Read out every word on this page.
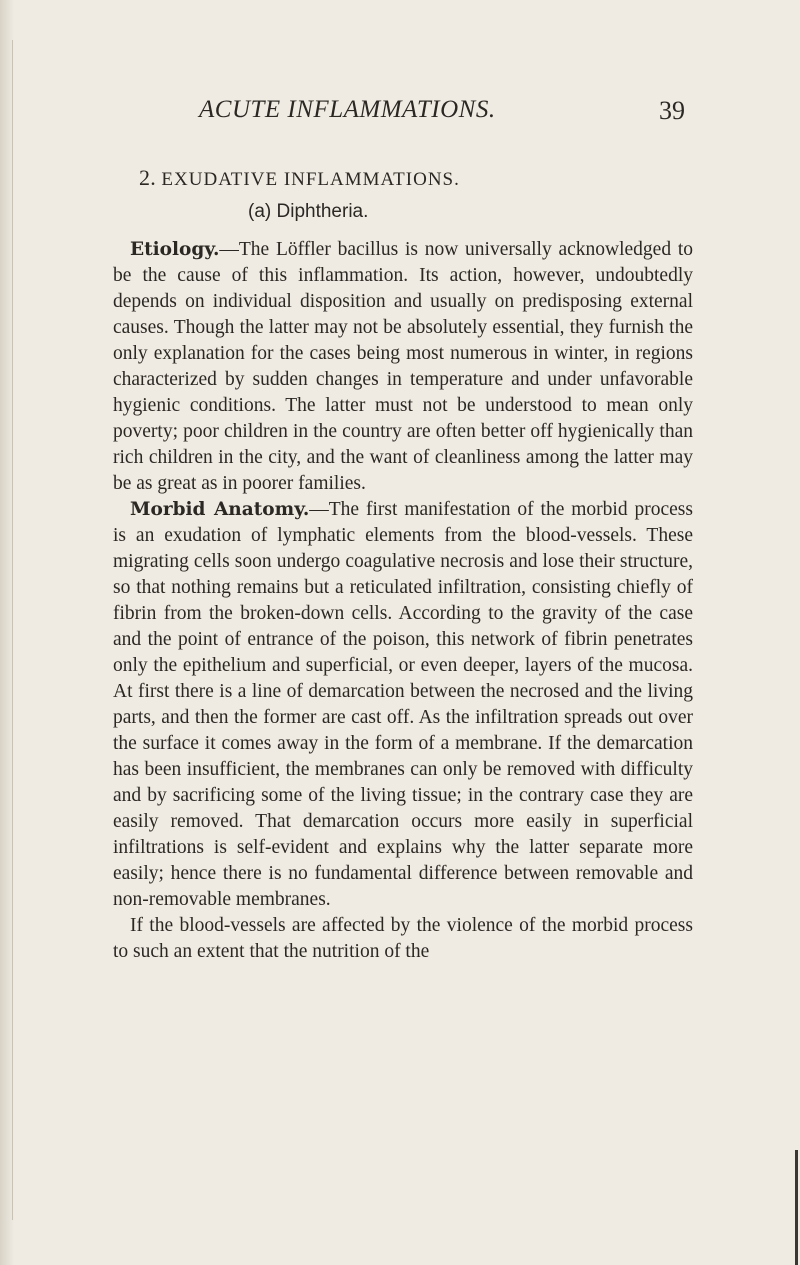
ACUTE INFLAMMATIONS.	39
2. EXUDATIVE INFLAMMATIONS.
(a) Diphtheria.

Etiology.—The Löffler bacillus is now universally acknowledged to be the cause of this inflammation. Its action, however, undoubtedly depends on individual disposition and usually on predisposing external causes. Though the latter may not be absolutely essential, they furnish the only explanation for the cases being most numerous in winter, in regions characterized by sudden changes in temperature and under unfavorable hygienic conditions. The latter must not be understood to mean only poverty; poor children in the country are often better off hygienically than rich children in the city, and the want of cleanliness among the latter may be as great as in poorer families.

Morbid Anatomy.—The first manifestation of the morbid process is an exudation of lymphatic elements from the blood-vessels. These migrating cells soon undergo coagulative necrosis and lose their structure, so that nothing remains but a reticulated infiltration, consisting chiefly of fibrin from the broken-down cells. According to the gravity of the case and the point of entrance of the poison, this network of fibrin penetrates only the epithelium and superficial, or even deeper, layers of the mucosa. At first there is a line of demarcation between the necrosed and the living parts, and then the former are cast off. As the infiltration spreads out over the surface it comes away in the form of a membrane. If the demarcation has been insufficient, the membranes can only be removed with difficulty and by sacrificing some of the living tissue; in the contrary case they are easily removed. That demarcation occurs more easily in superficial infiltrations is self-evident and explains why the latter separate more easily; hence there is no fundamental difference between removable and non-removable membranes.

If the blood-vessels are affected by the violence of the morbid process to such an extent that the nutrition of the
